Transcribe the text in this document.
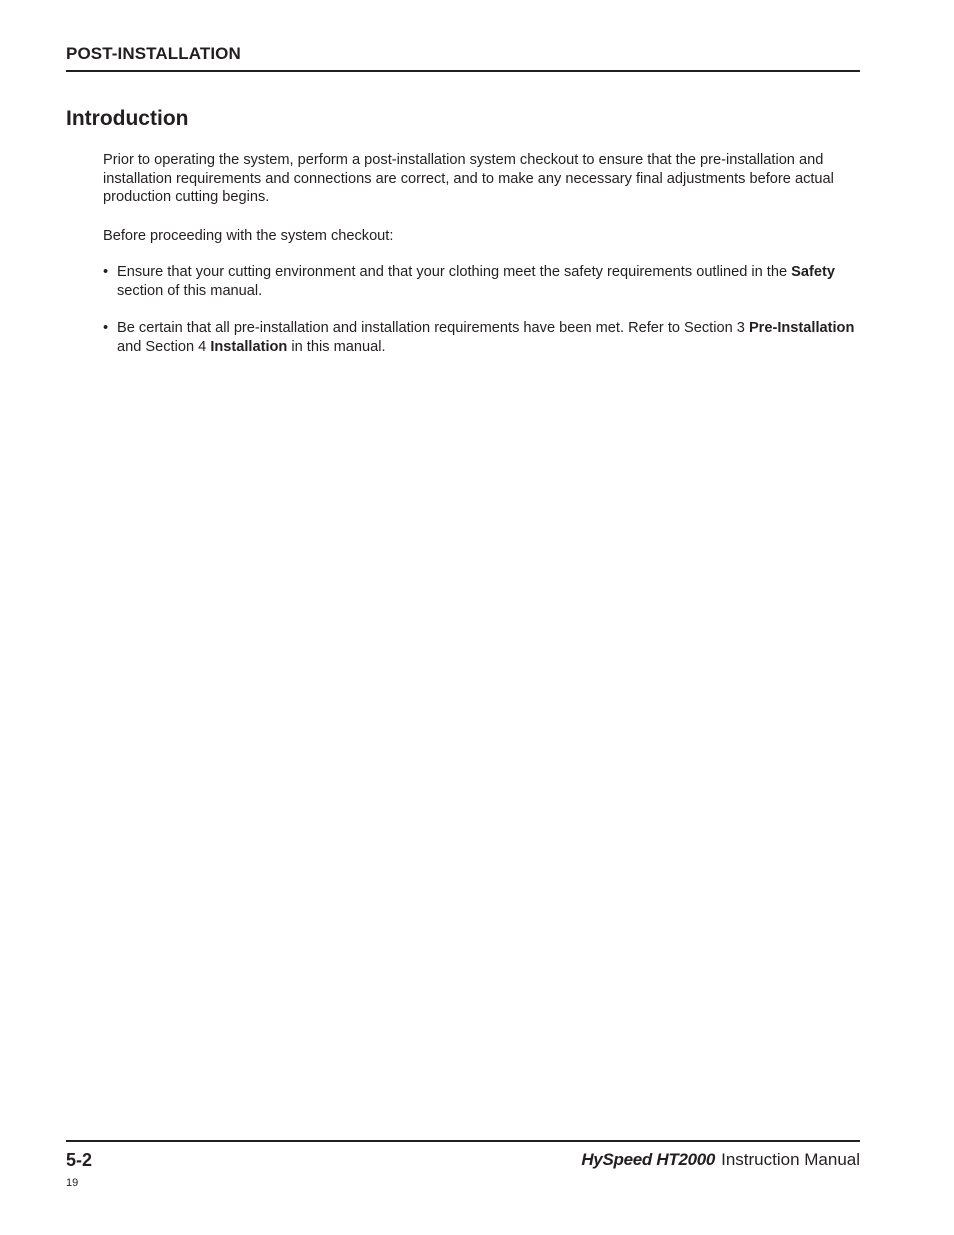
POST-INSTALLATION
Introduction
Prior to operating the system, perform a post-installation system checkout to ensure that the pre-installation and installation requirements and connections are correct, and to make any necessary final adjustments before actual production cutting begins.
Before proceeding with the system checkout:
• Ensure that your cutting environment and that your clothing meet the safety requirements outlined in the Safety section of this manual.
• Be certain that all pre-installation and installation requirements have been met. Refer to Section 3 Pre-Installation and Section 4 Installation in this manual.
5-2	HySpeed HT2000 Instruction Manual
19
